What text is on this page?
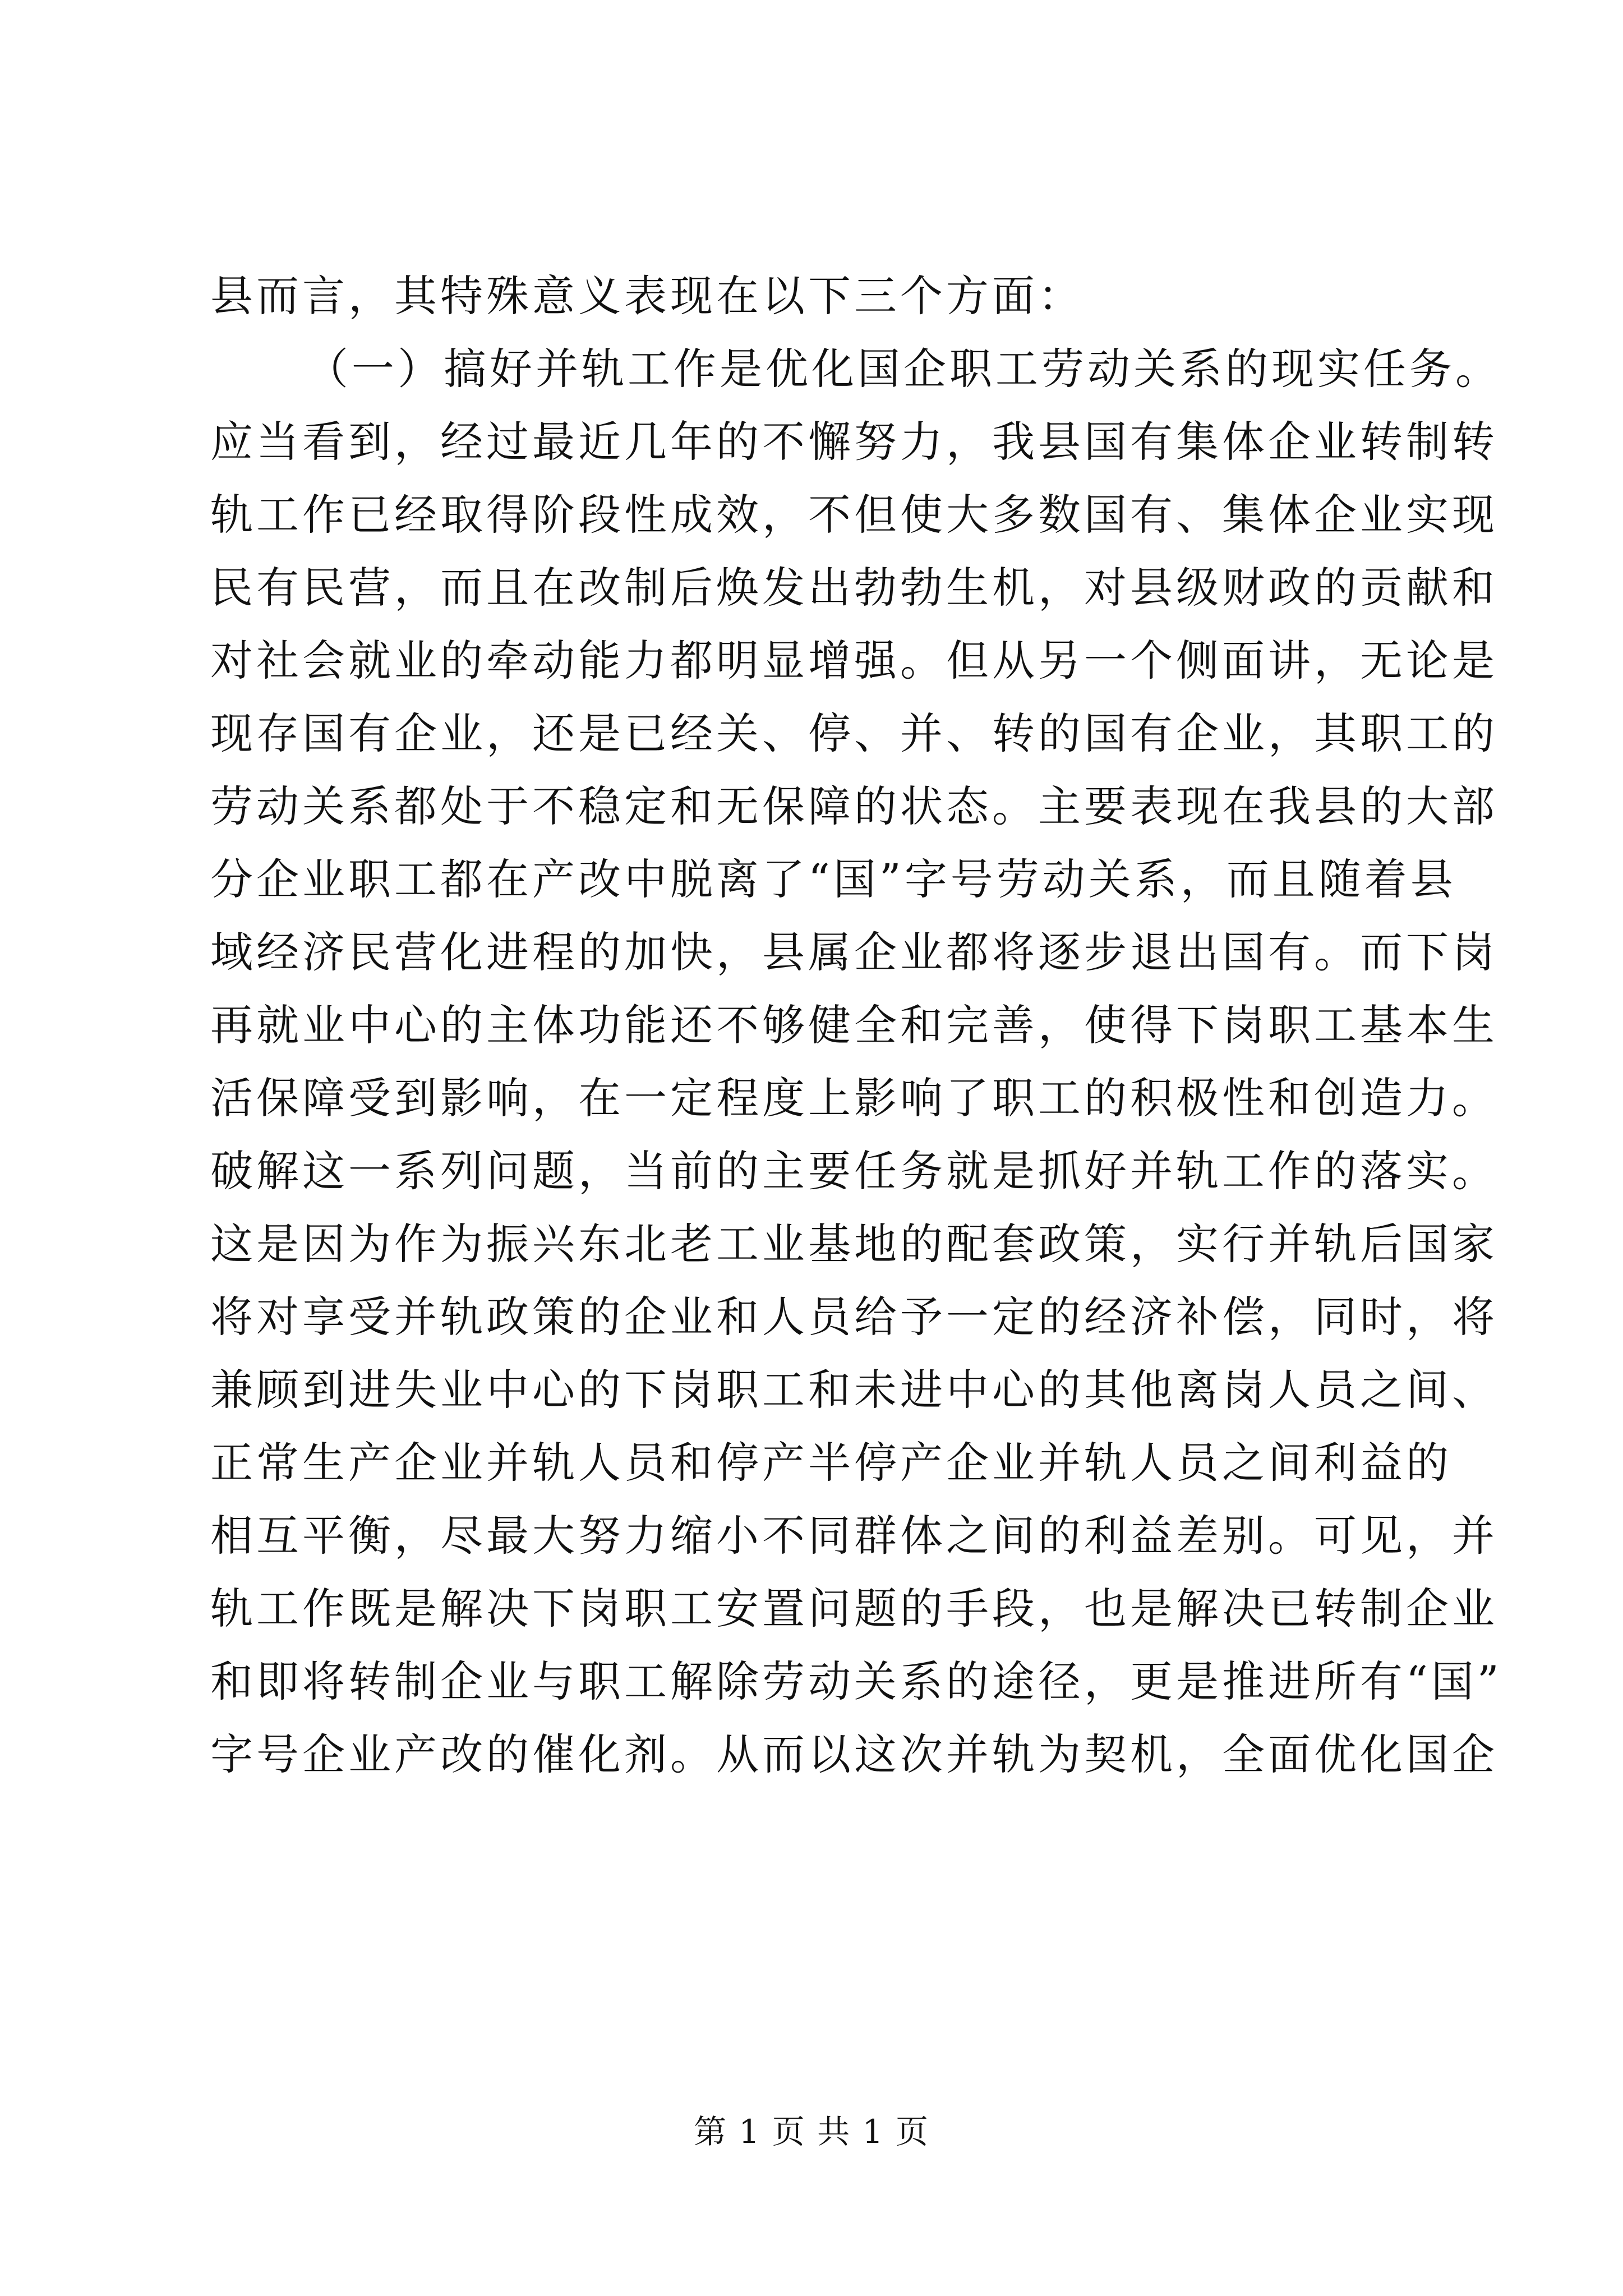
县而言，其特殊意义表现在以下三个方面：
（一）搞好并轨工作是优化国企职工劳动关系的现实任务。
应当看到，经过最近几年的不懈努力，我县国有集体企业转制转
轨工作已经取得阶段性成效，不但使大多数国有、集体企业实现
民有民营，而且在改制后焕发出勃勃生机，对县级财政的贡献和
对社会就业的牵动能力都明显增强。但从另一个侧面讲，无论是
现存国有企业，还是已经关、停、并、转的国有企业，其职工的
劳动关系都处于不稳定和无保障的状态。主要表现在我县的大部
分企业职工都在产改中脱离了“国”字号劳动关系，而且随着县
域经济民营化进程的加快，县属企业都将逐步退出国有。而下岗
再就业中心的主体功能还不够健全和完善，使得下岗职工基本生
活保障受到影响，在一定程度上影响了职工的积极性和创造力。
破解这一系列问题，当前的主要任务就是抓好并轨工作的落实。
这是因为作为振兴东北老工业基地的配套政策，实行并轨后国家
将对享受并轨政策的企业和人员给予一定的经济补偿，同时，将
兼顾到进失业中心的下岗职工和未进中心的其他离岗人员之间、
正常生产企业并轨人员和停产半停产企业并轨人员之间利益的
相互平衡，尽最大努力缩小不同群体之间的利益差别。可见，并
轨工作既是解决下岗职工安置问题的手段，也是解决已转制企业
和即将转制企业与职工解除劳动关系的途径，更是推进所有“国”
字号企业产改的催化剂。从而以这次并轨为契机，全面优化国企
第 1 页 共 1 页
